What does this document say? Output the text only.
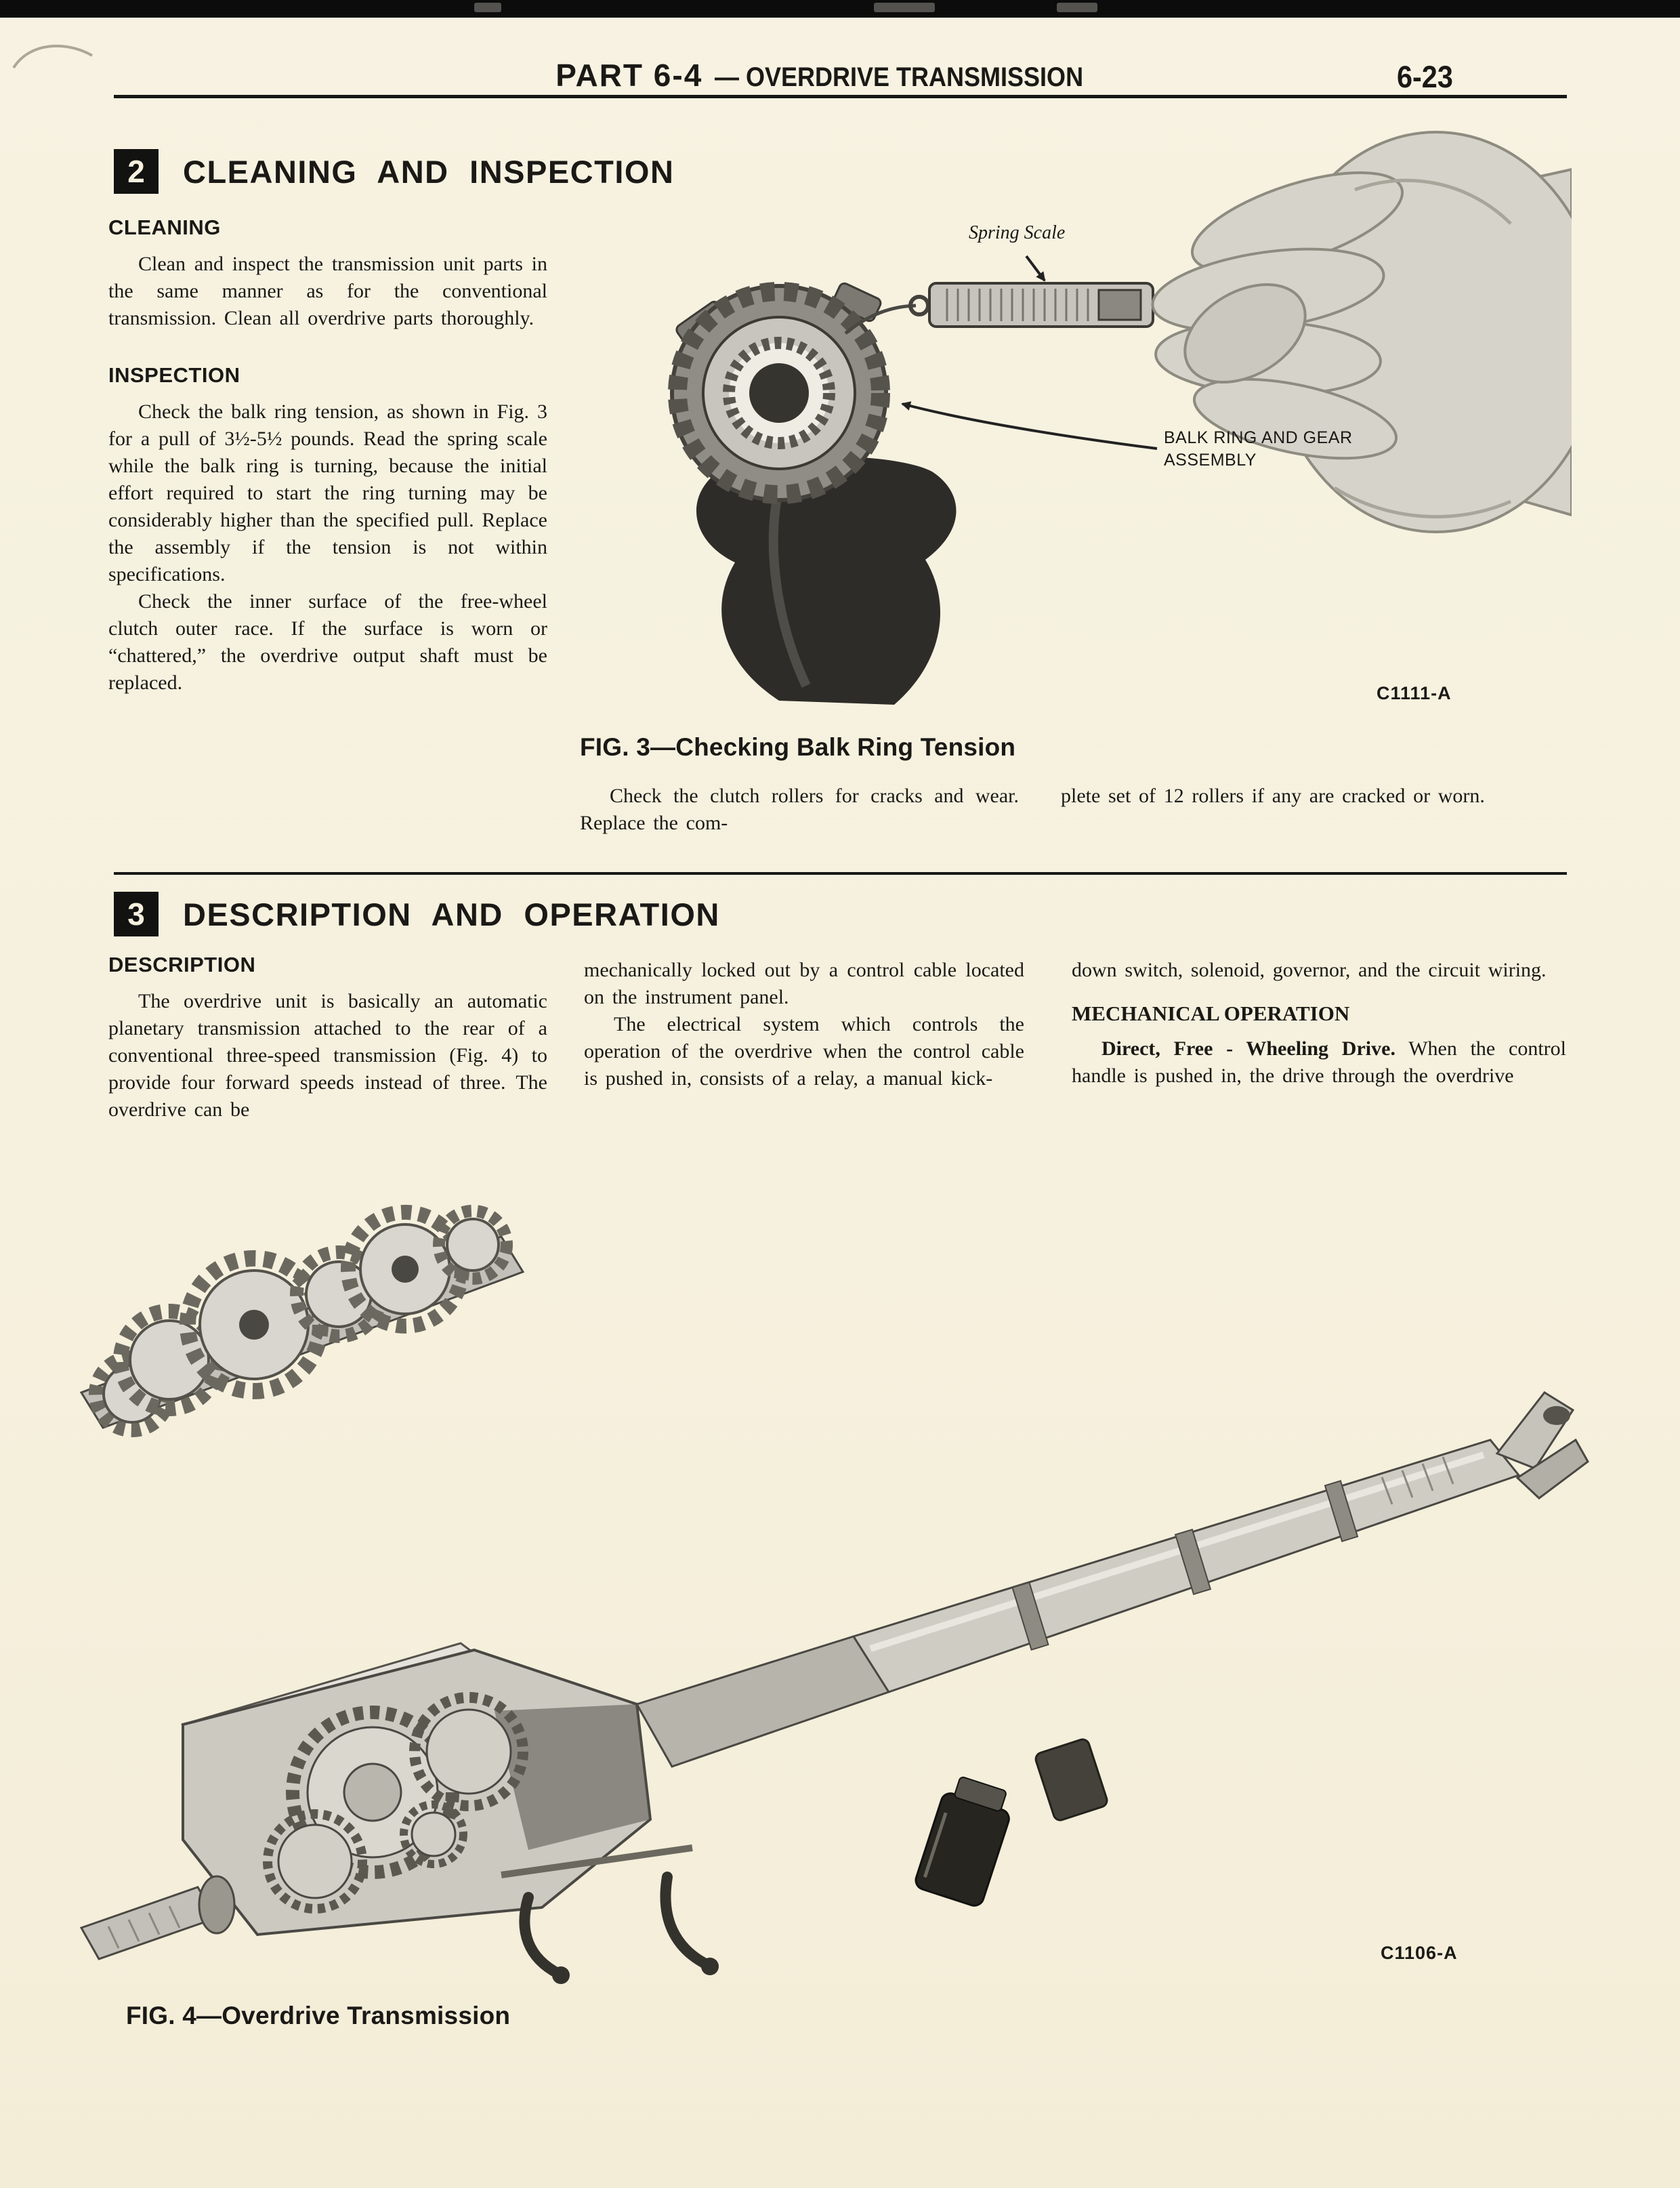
PART 6-4 — OVERDRIVE TRANSMISSION	6-23
2	CLEANING AND INSPECTION
CLEANING

Clean and inspect the transmission unit parts in the same manner as for the conventional transmission. Clean all overdrive parts thoroughly.

INSPECTION

Check the balk ring tension, as shown in Fig. 3 for a pull of 3½-5½ pounds. Read the spring scale while the balk ring is turning, because the initial effort required to start the ring turning may be considerably higher than the specified pull. Replace the assembly if the tension is not within specifications.

Check the inner surface of the free-wheel clutch outer race. If the surface is worn or “chattered,” the overdrive output shaft must be replaced.

Spring Scale
BALK RING AND GEAR ASSEMBLY
C1111-A
FIG. 3—Checking Balk Ring Tension

Check the clutch rollers for cracks and wear. Replace the com-

plete set of 12 rollers if any are cracked or worn.

3	DESCRIPTION AND OPERATION
DESCRIPTION

The overdrive unit is basically an automatic planetary transmission attached to the rear of a conventional three-speed transmission (Fig. 4) to provide four forward speeds instead of three. The overdrive can be

mechanically locked out by a control cable located on the instrument panel.

The electrical system which controls the operation of the overdrive when the control cable is pushed in, consists of a relay, a manual kick-

down switch, solenoid, governor, and the circuit wiring.

MECHANICAL OPERATION

Direct, Free - Wheeling Drive. When the control handle is pushed in, the drive through the overdrive

C1106-A
FIG. 4—Overdrive Transmission
